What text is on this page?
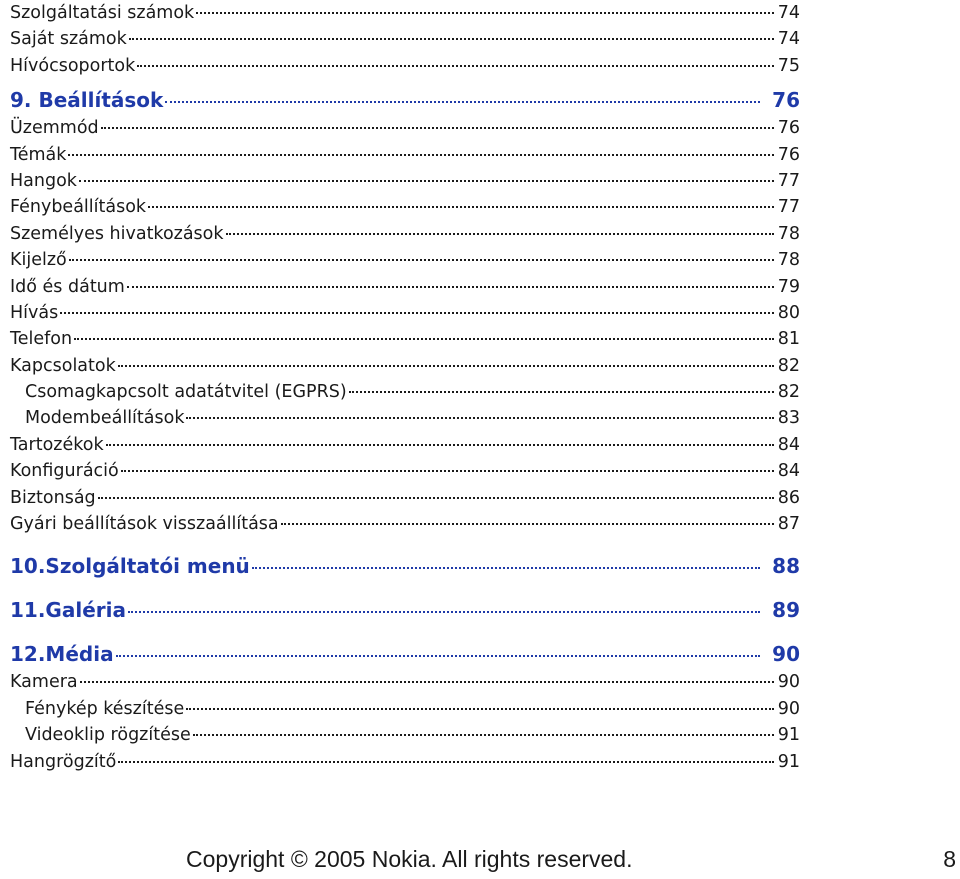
Szolgáltatási számok	74
Saját számok	74
Hívócsoportok	75
9. Beállítások	76
Üzemmód	76
Témák	76
Hangok	77
Fénybeállítások	77
Személyes hivatkozások	78
Kijelző	78
Idő és dátum	79
Hívás	80
Telefon	81
Kapcsolatok	82
Csomagkapcsolt adatátvitel (EGPRS)	82
Modembeállítások	83
Tartozékok	84
Konfiguráció	84
Biztonság	86
Gyári beállítások visszaállítása	87
10.Szolgáltatói menü	88
11.Galéria	89
12.Média	90
Kamera	90
Fénykép készítése	90
Videoklip rögzítése	91
Hangrögzítő	91
Copyright © 2005 Nokia. All rights reserved.	8
